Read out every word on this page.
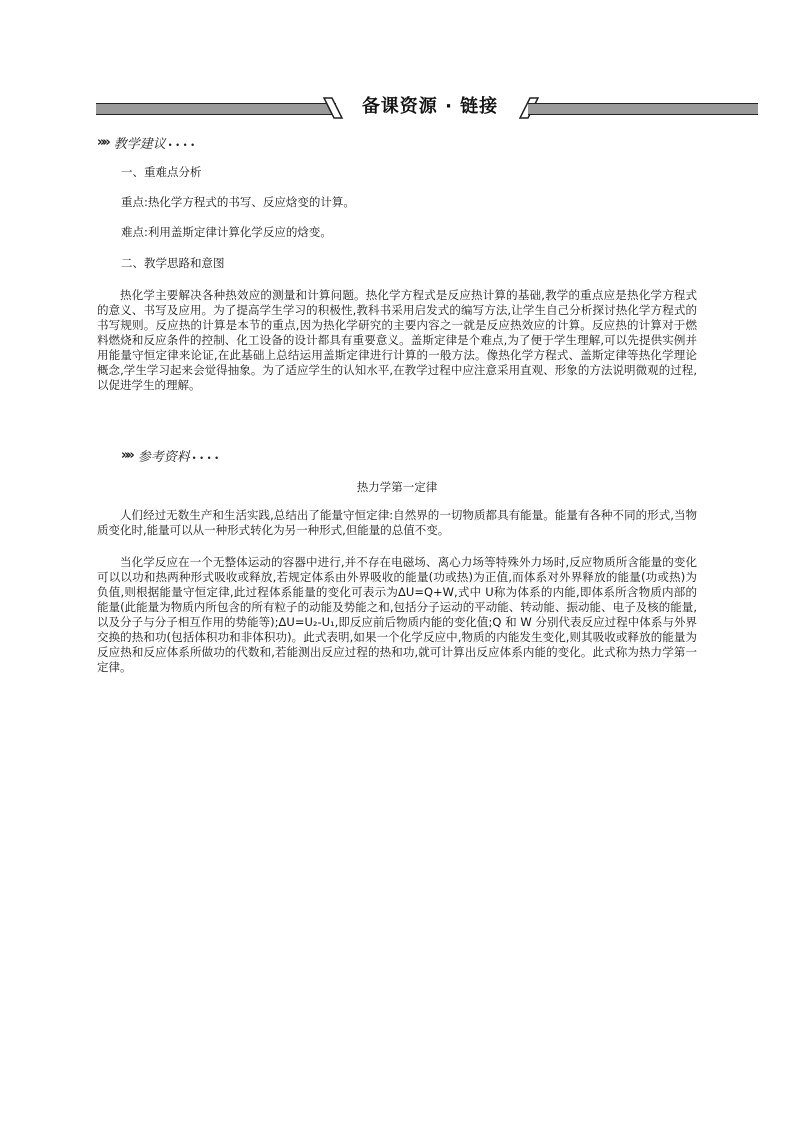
备课资源 · 链接
»» 教学建议 ....
一、重难点分析
重点:热化学方程式的书写、反应焓变的计算。
难点:利用盖斯定律计算化学反应的焓变。
二、教学思路和意图
热化学主要解决各种热效应的测量和计算问题。热化学方程式是反应热计算的基础,教学的重点应是热化学方程式的意义、书写及应用。为了提高学生学习的积极性,教科书采用启发式的编写方法,让学生自己分析探讨热化学方程式的书写规则。反应热的计算是本节的重点,因为热化学研究的主要内容之一就是反应热效应的计算。反应热的计算对于燃料燃烧和反应条件的控制、化工设备的设计都具有重要意义。盖斯定律是个难点,为了便于学生理解,可以先提供实例并用能量守恒定律来论证,在此基础上总结运用盖斯定律进行计算的一般方法。像热化学方程式、盖斯定律等热化学理论概念,学生学习起来会觉得抽象。为了适应学生的认知水平,在教学过程中应注意采用直观、形象的方法说明微观的过程,以促进学生的理解。
»» 参考资料 ....
热力学第一定律
人们经过无数生产和生活实践,总结出了能量守恒定律:自然界的一切物质都具有能量。能量有各种不同的形式,当物质变化时,能量可以从一种形式转化为另一种形式,但能量的总值不变。
当化学反应在一个无整体运动的容器中进行,并不存在电磁场、离心力场等特殊外力场时,反应物质所含能量的变化可以以功和热两种形式吸收或释放,若规定体系由外界吸收的能量(功或热)为正值,而体系对外界释放的能量(功或热)为负值,则根据能量守恒定律,此过程体系能量的变化可表示为ΔU=Q+W,式中 U称为体系的内能,即体系所含物质内部的能量(此能量为物质内所包含的所有粒子的动能及势能之和,包括分子运动的平动能、转动能、振动能、电子及核的能量,以及分子与分子相互作用的势能等);ΔU=U₂-U₁,即反应前后物质内能的变化值;Q 和 W 分别代表反应过程中体系与外界交换的热和功(包括体积功和非体积功)。此式表明,如果一个化学反应中,物质的内能发生变化,则其吸收或释放的能量为反应热和反应体系所做功的代数和,若能测出反应过程的热和功,就可计算出反应体系内能的变化。此式称为热力学第一定律。
